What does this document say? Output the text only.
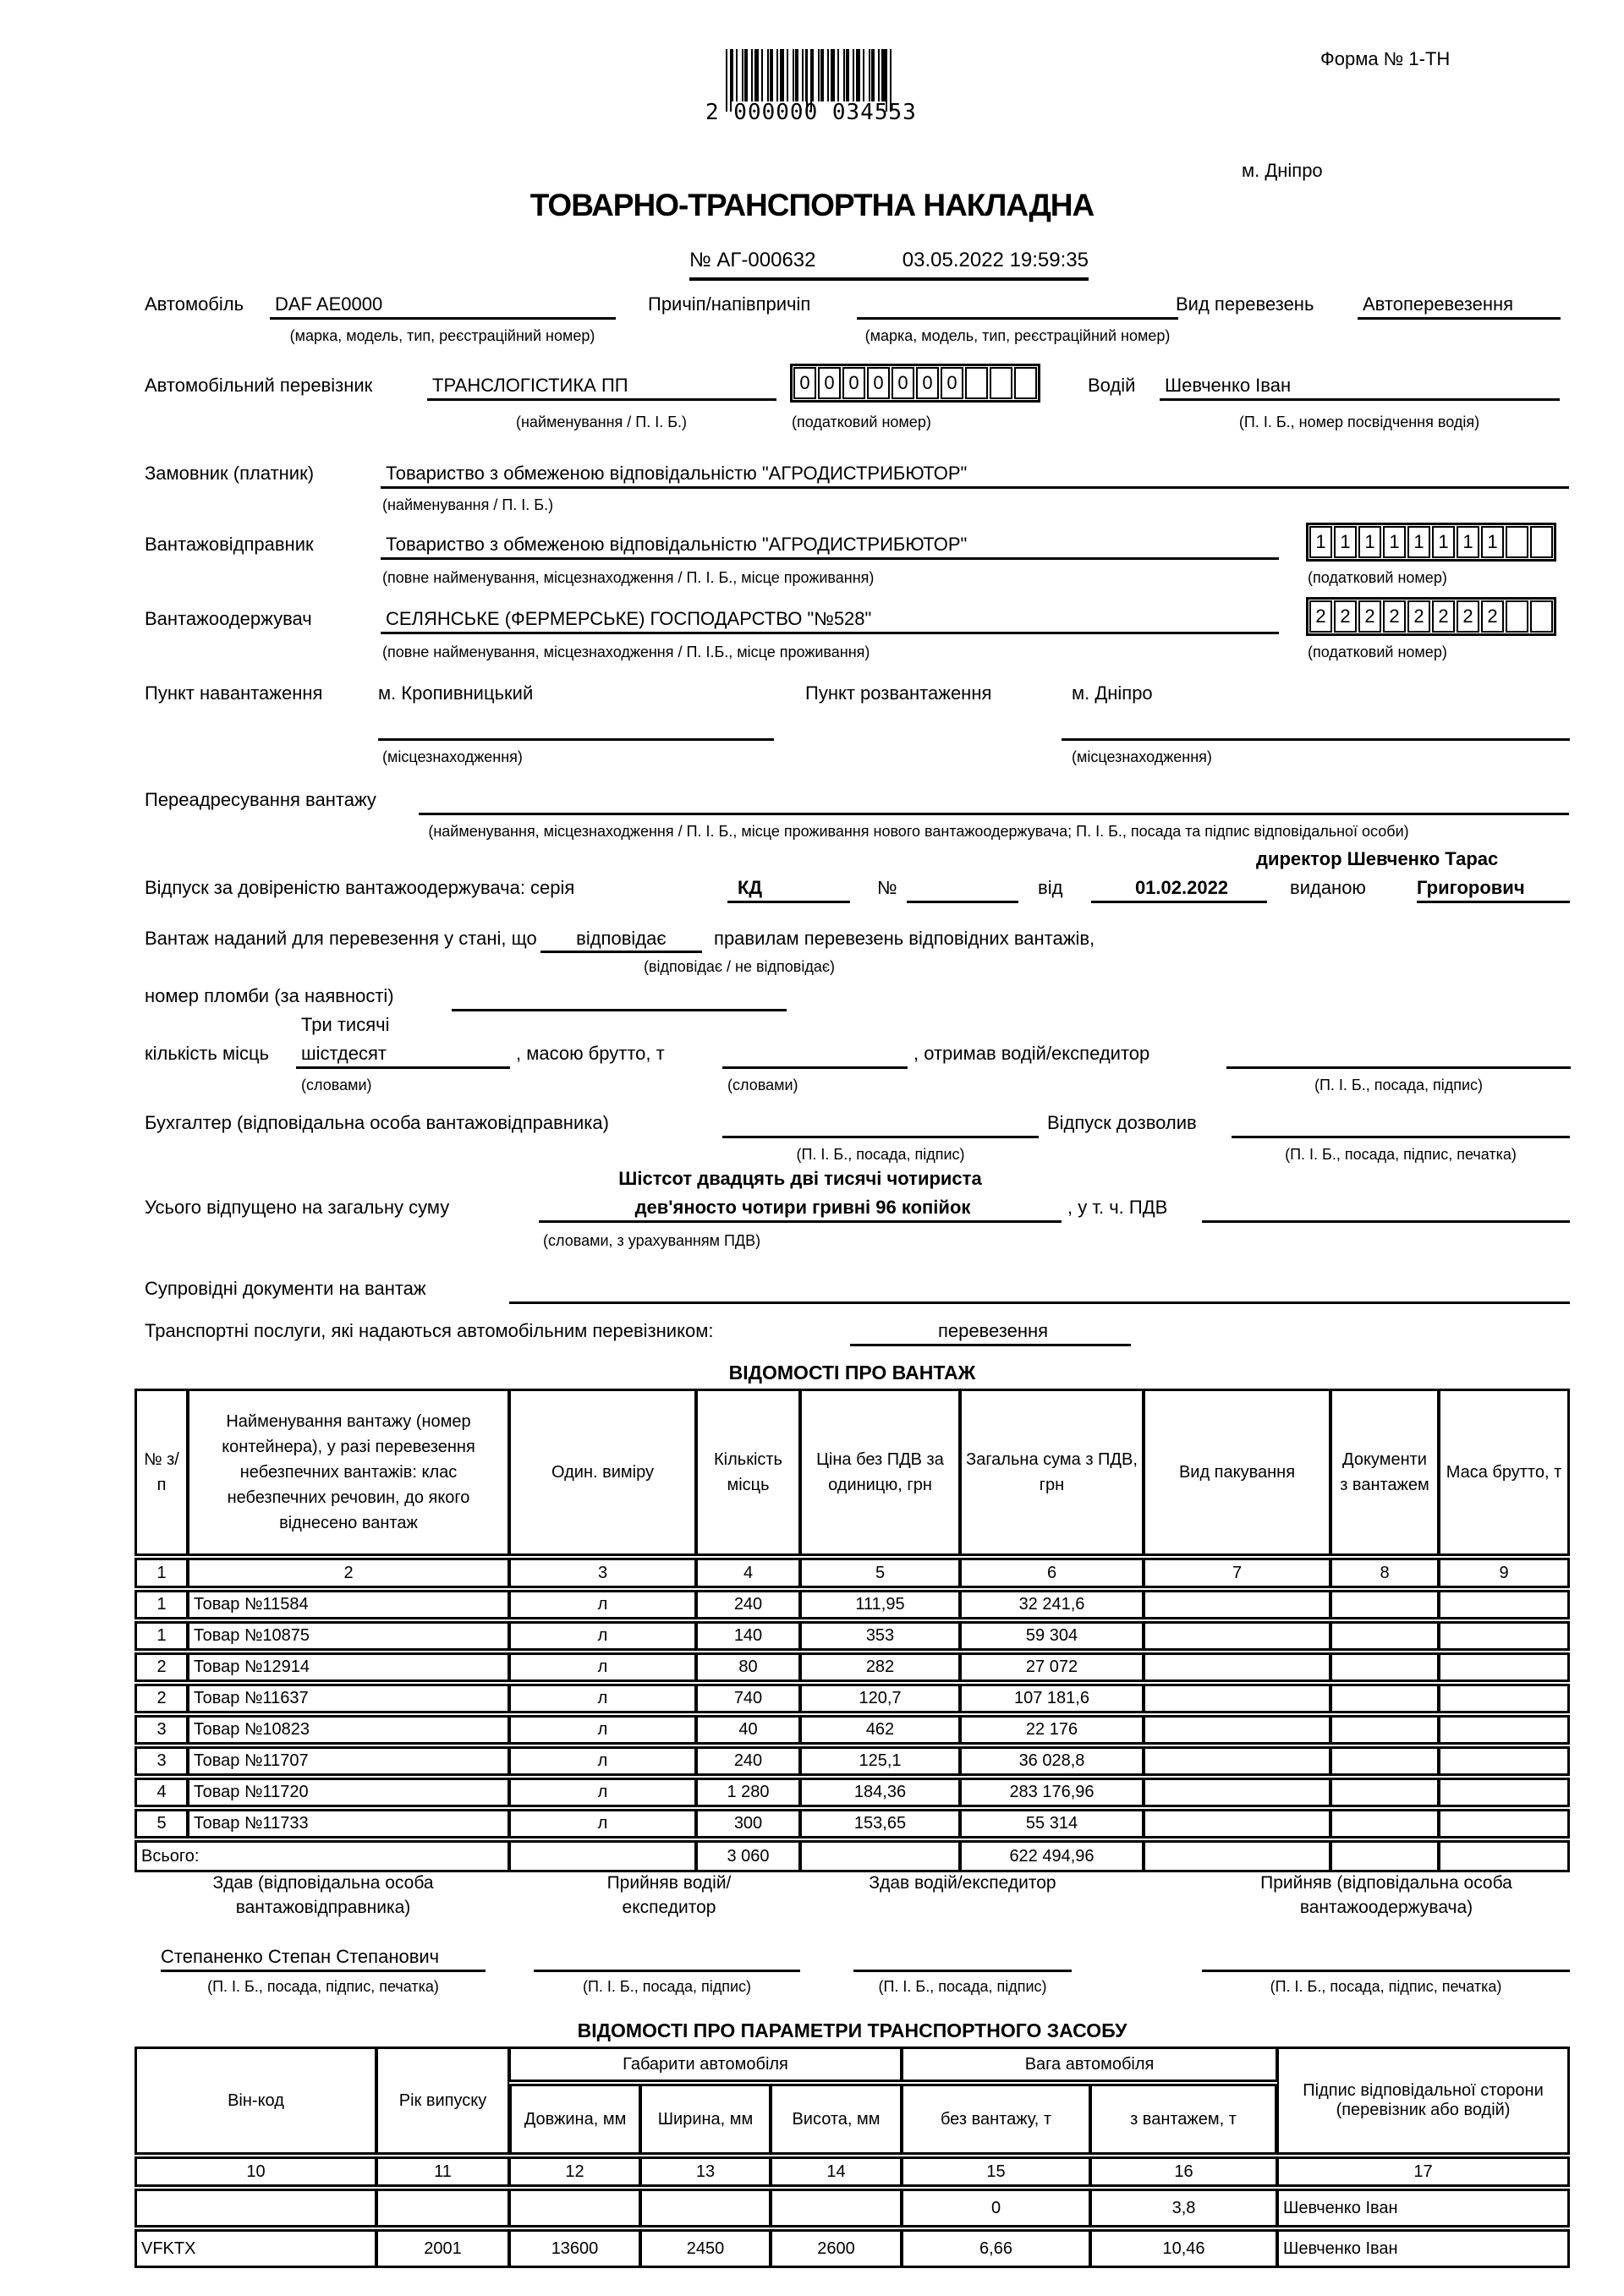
Форма № 1-ТН
2 000000 034553
м. Дніпро
ТОВАРНО-ТРАНСПОРТНА НАКЛАДНА
№ АГ-000632	03.05.2022 19:59:35
Автомобіль DAF AE0000	Причіп/напівпричіп	Вид перевезень	Автоперевезення
(марка, модель, тип, реєстраційний номер)	(марка, модель, тип, реєстраційний номер)
Автомобільний перевізник	ТРАНСЛОГІСТИКА ПП	0 0 0 0 0 0 0	Водій Шевченко Іван
(найменування / П. І. Б.)	(податковий номер)	(П. І. Б., номер посвідчення водія)
Замовник (платник)	Товариство з обмеженою відповідальністю "АГРОДИСТРИБЮТОР"
(найменування / П. І. Б.)
Вантажовідправник	Товариство з обмеженою відповідальністю "АГРОДИСТРИБЮТОР"	1 1 1 1 1 1 1 1
(повне найменування, місцезнаходження / П. І. Б., місце проживання)	(податковий номер)
Вантажоодержувач	СЕЛЯНСЬКЕ (ФЕРМЕРСЬКЕ) ГОСПОДАРСТВО "№528"	2 2 2 2 2 2 2 2
(повне найменування, місцезнаходження / П. І.Б., місце проживання)	(податковий номер)
Пункт навантаження	м. Кропивницький	Пункт розвантаження	м. Дніпро
(місцезнаходження)	(місцезнаходження)
Переадресування вантажу
(найменування, місцезнаходження / П. І. Б., місце проживання нового вантажоодержувача; П. І. Б., посада та підпис відповідальної особи)
директор Шевченко Тарас
Відпуск за довіреністю вантажоодержувача: серія	КД	№	від	01.02.2022	виданою	Григорович
Вантаж наданий для перевезення у стані, що відповідає	правилам перевезень відповідних вантажів,
(відповідає / не відповідає)
номер пломби (за наявності)
Три тисячі
кількість місць шістдесят	, масою брутто, т	, отримав водій/експедитор
(словами)	(словами)	(П. І. Б., посада, підпис)
Бухгалтер (відповідальна особа вантажовідправника)	Відпуск дозволив
(П. І. Б., посада, підпис)	(П. І. Б., посада, підпис, печатка)
Шістсот двадцять дві тисячі чотириста
Усього відпущено на загальну суму	дев'яносто чотири гривні 96 копійок	, у т. ч. ПДВ
(словами, з урахуванням ПДВ)
Супровідні документи на вантаж
Транспортні послуги, які надаються автомобільним перевізником:	перевезення
ВІДОМОСТІ ПРО ВАНТАЖ
№ з/п	Найменування вантажу (номер контейнера), у разі перевезення небезпечних вантажів: клас небезпечних речовин, до якого віднесено вантаж	Один. виміру	Кількість місць	Ціна без ПДВ за одиницю, грн	Загальна сума з ПДВ, грн	Вид пакування	Документи з вантажем	Маса брутто, т
1	2	3	4	5	6	7	8	9
1	Товар №11584	л	240	111,95	32 241,6			
1	Товар №10875	л	140	353	59 304			
2	Товар №12914	л	80	282	27 072			
2	Товар №11637	л	740	120,7	107 181,6			
3	Товар №10823	л	40	462	22 176			
3	Товар №11707	л	240	125,1	36 028,8			
4	Товар №11720	л	1 280	184,36	283 176,96			
5	Товар №11733	л	300	153,65	55 314			
Всього:			3 060		622 494,96			
Здав (відповідальна особа вантажовідправника)
Прийняв водій/експедитор
Здав водій/експедитор	Прийняв (відповідальна особа вантажоодержувача)
Степаненко Степан Степанович
(П. І. Б., посада, підпис, печатка)	(П. І. Б., посада, підпис)	(П. І. Б., посада, підпис)	(П. І. Б., посада, підпис, печатка)
ВІДОМОСТІ ПРО ПАРАМЕТРИ ТРАНСПОРТНОГО ЗАСОБУ
Він-код	Рік випуску	Габарити автомобіля			Вага автомобіля		Підпис відповідальної сторони (перевізник або водій)
		Довжина, мм	Ширина, мм	Висота, мм	без вантажу, т	з вантажем, т	
10	11	12	13	14	15	16	17
					0	3,8	Шевченко Іван
VFKTX	2001	13600	2450	2600	6,66	10,46	Шевченко Іван
